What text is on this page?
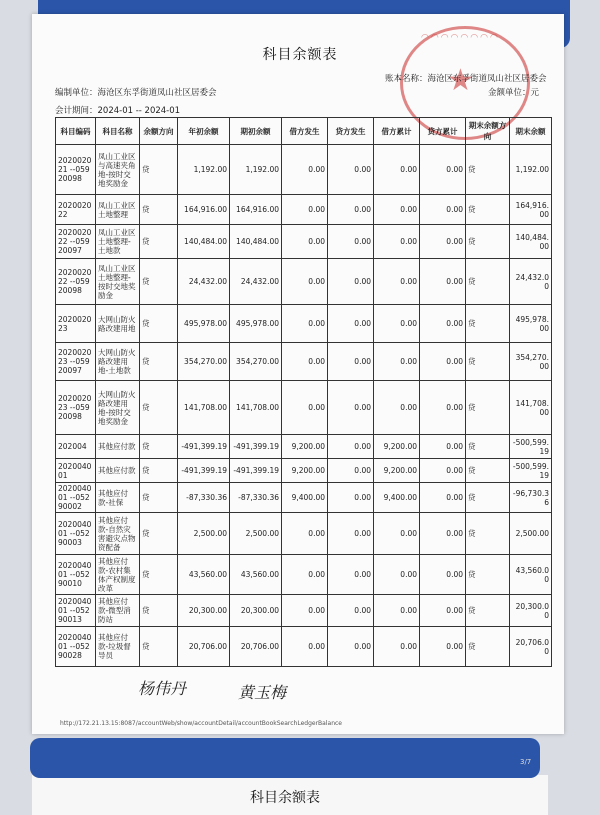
3/7
科目余额表
科目余额表
◠◠◠◠◠◠◠◠
★
编制单位：海沧区东孚街道凤山社区居委会
账本名称：海沧区东孚街道凤山社区居委会
会计期间：2024-01 -- 2024-01
金额单位：元
科目编码	科目名称	余额方向	年初余额	期初余额	借方发生	贷方发生	借方累计	贷方累计	期末余额方向	期末余额
202002021 --05920098	凤山工业区与高速夹角地-按时交地奖励金	贷	1,192.00	1,192.00	0.00	0.00	0.00	0.00	贷	1,192.00
202002022	凤山工业区土地整理	贷	164,916.00	164,916.00	0.00	0.00	0.00	0.00	贷	164,916.00
202002022 --05920097	凤山工业区土地整理-土地款	贷	140,484.00	140,484.00	0.00	0.00	0.00	0.00	贷	140,484.00
202002022 --05920098	凤山工业区土地整理-按时交地奖励金	贷	24,432.00	24,432.00	0.00	0.00	0.00	0.00	贷	24,432.00
202002023	大网山防火路改建用地	贷	495,978.00	495,978.00	0.00	0.00	0.00	0.00	贷	495,978.00
202002023 --05920097	大网山防火路改建用地-土地款	贷	354,270.00	354,270.00	0.00	0.00	0.00	0.00	贷	354,270.00
202002023 --05920098	大网山防火路改建用地-按时交地奖励金	贷	141,708.00	141,708.00	0.00	0.00	0.00	0.00	贷	141,708.00
202004	其他应付款	贷	-491,399.19	-491,399.19	9,200.00	0.00	9,200.00	0.00	贷	-500,599.19
2020040 01	其他应付款	贷	-491,399.19	-491,399.19	9,200.00	0.00	9,200.00	0.00	贷	-500,599.19
2020040 01 --05290002	其他应付款-社保	贷	-87,330.36	-87,330.36	9,400.00	0.00	9,400.00	0.00	贷	-96,730.36
2020040 01 --05290003	其他应付款-自然灾害避灾点物资配备	贷	2,500.00	2,500.00	0.00	0.00	0.00	0.00	贷	2,500.00
2020040 01 --05290010	其他应付款-农村集体产权制度改革	贷	43,560.00	43,560.00	0.00	0.00	0.00	0.00	贷	43,560.00
2020040 01 --05290013	其他应付款-微型消防站	贷	20,300.00	20,300.00	0.00	0.00	0.00	0.00	贷	20,300.00
2020040 01 --05290028	其他应付款-垃圾督导员	贷	20,706.00	20,706.00	0.00	0.00	0.00	0.00	贷	20,706.00
杨伟丹	黄玉梅
http://172.21.13.15:8087/accountWeb/show/accountDetail/accountBookSearchLedgerBalance
